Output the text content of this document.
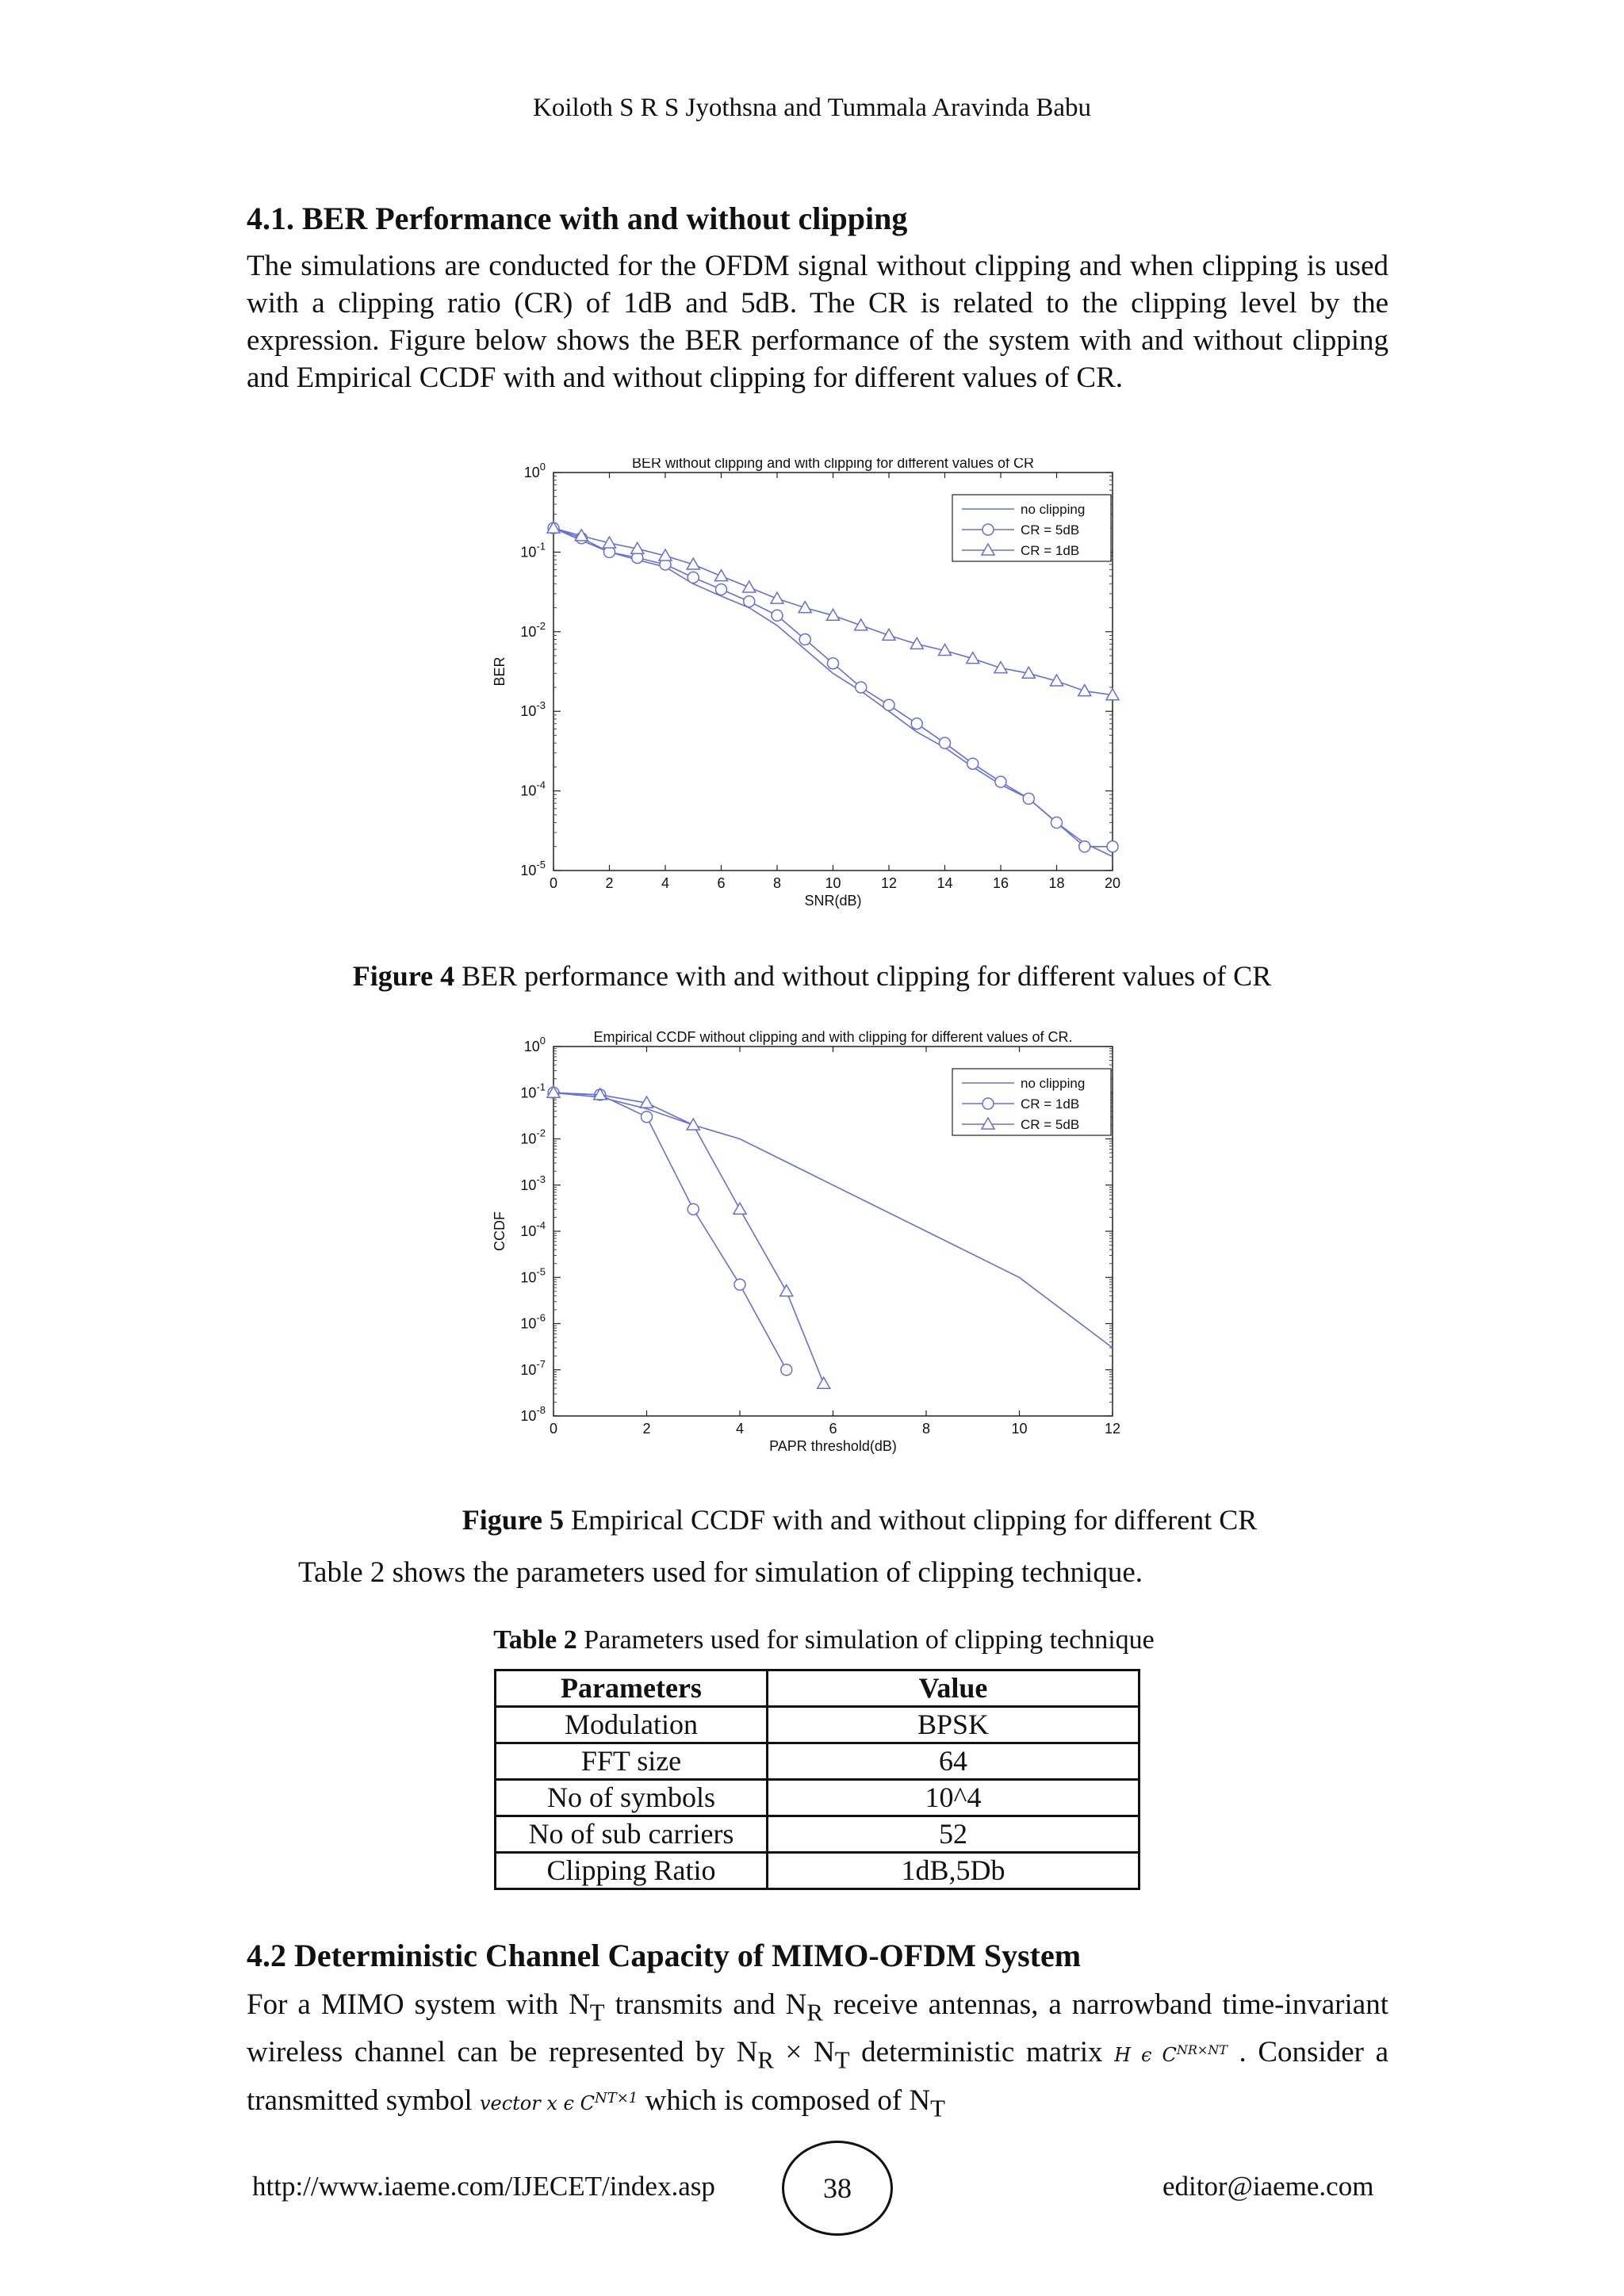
Koiloth S R S Jyothsna and Tummala Aravinda Babu
4.1. BER Performance with and without clipping
The simulations are conducted for the OFDM signal without clipping and when clipping is used with a clipping ratio (CR) of 1dB and 5dB. The CR is related to the clipping level by the expression. Figure below shows the BER performance of the system with and without clipping and Empirical CCDF with and without clipping for different values of CR.
BER without clipping and with clipping for different values of CR
0	2	4	6	8	10	12	14	16	18	20
SNR(dB)
$10^0$
$10^{-1}$
$10^{-2}$
$10^{-3}$
$10^{-4}$
$10^{-5}$
BER
no clipping
CR = 5dB
CR = 1dB
Figure 4 BER performance with and without clipping for different values of CR
Empirical CCDF without clipping and with clipping for different values of CR.
0	2	4	6	8	10	12
PAPR threshold(dB)
$10^0$
$10^{-1}$
$10^{-2}$
$10^{-3}$
$10^{-4}$
$10^{-5}$
$10^{-6}$
$10^{-7}$
$10^{-8}$
CCDF
no clipping
CR = 1dB
CR = 5dB
Figure 5 Empirical CCDF with and without clipping for different CR
Table 2 shows the parameters used for simulation of clipping technique.
Table 2 Parameters used for simulation of clipping technique
Parameters	Value
Modulation	BPSK
FFT size	64
No of symbols	10^4
No of sub carriers	52
Clipping Ratio	1dB,5Db
4.2 Deterministic Channel Capacity of MIMO-OFDM System
For a MIMO system with $N_T$ transmits and $N_R$ receive antennas, a narrowband time-invariant wireless channel can be represented by $N_R \times N_T$ deterministic matrix H ϵ $C^{NR\times NT}$ . Consider a transmitted symbol vector x ϵ $C^{NT\times 1}$ which is composed of $N_T$
http://www.iaeme.com/IJECET/index.asp	38	editor@iaeme.com
